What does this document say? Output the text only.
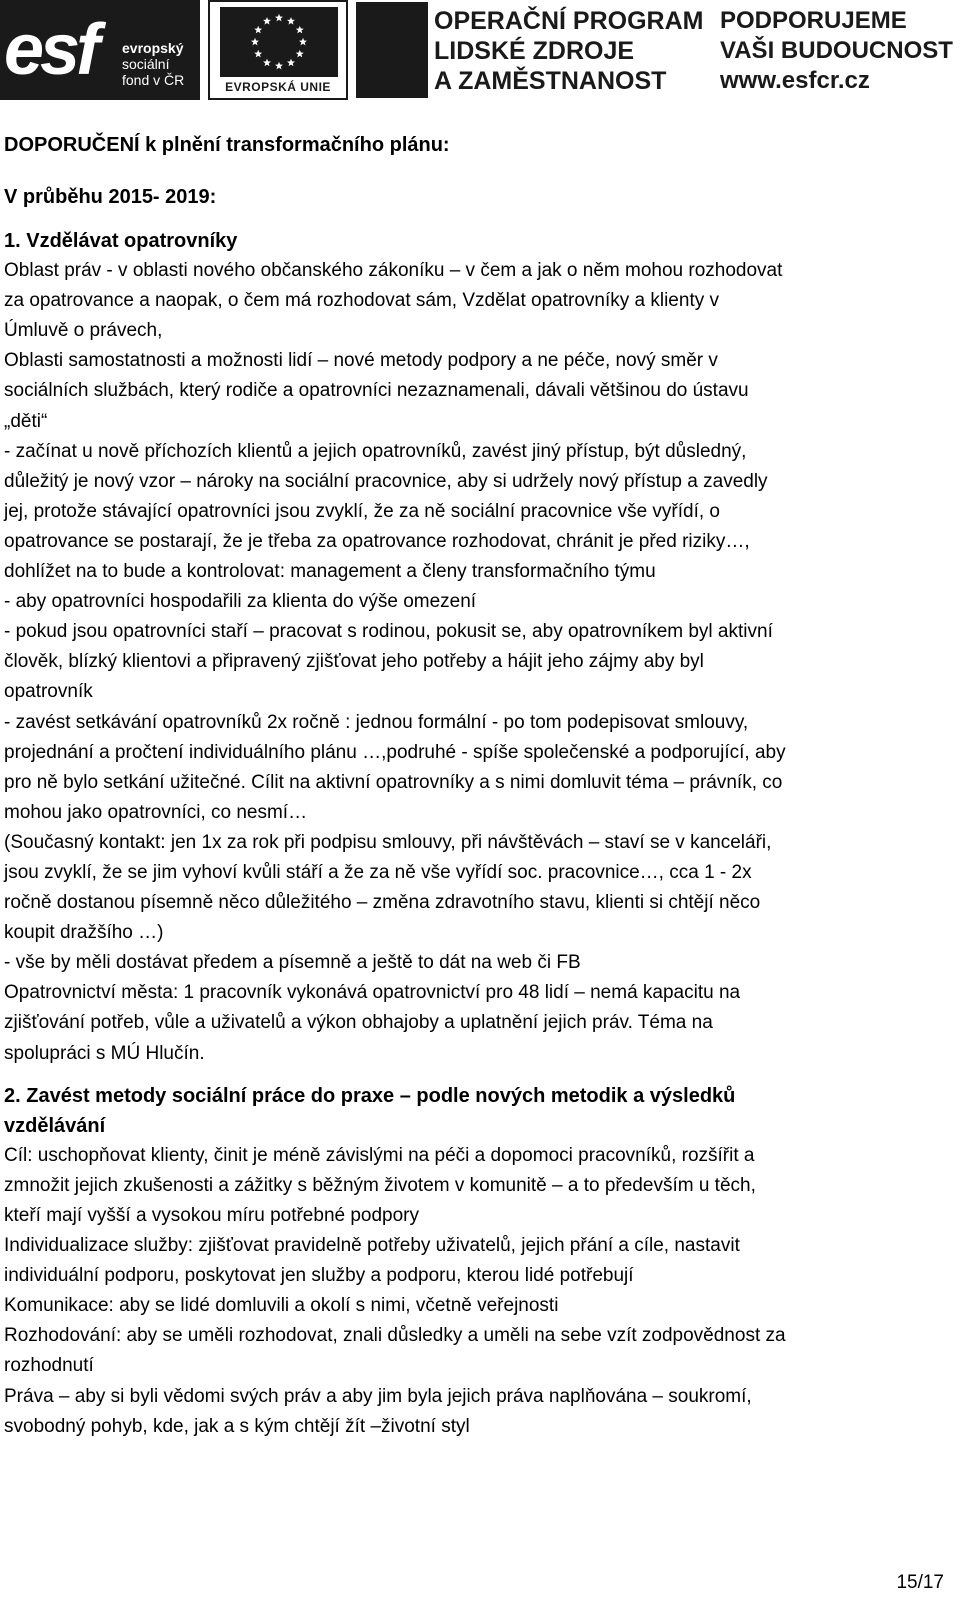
esf evropský
sociální
fond v ČR	EVROPSKÁ UNIE
OPERAČNÍ PROGRAM
LIDSKÉ ZDROJE
A ZAMĚSTNANOST
PODPORUJEME
VAŠI BUDOUCNOST
www.esfcr.cz

DOPORUČENÍ k plnění transformačního plánu:

V průběhu 2015- 2019:

1. Vzdělávat opatrovníky

Oblast práv - v oblasti nového občanského zákoníku – v čem a jak o něm mohou rozhodovat

za opatrovance a naopak, o čem má rozhodovat sám, Vzdělat opatrovníky a klienty v

Úmluvě o právech,

Oblasti samostatnosti a možnosti lidí – nové metody podpory a ne péče, nový směr v

sociálních službách, který rodiče a opatrovníci nezaznamenali, dávali většinou do ústavu

„děti“

- začínat u nově příchozích klientů a jejich opatrovníků, zavést jiný přístup, být důsledný,

důležitý je nový vzor – nároky na sociální pracovnice, aby si udržely nový přístup a zavedly

jej, protože stávající opatrovníci jsou zvyklí, že za ně sociální pracovnice vše vyřídí, o

opatrovance se postarají, že je třeba za opatrovance rozhodovat, chránit je před riziky…,

dohlížet na to bude a kontrolovat: management a členy transformačního týmu

- aby opatrovníci hospodařili za klienta do výše omezení

- pokud jsou opatrovníci staří – pracovat s rodinou, pokusit se, aby opatrovníkem byl aktivní

člověk, blízký klientovi a připravený zjišťovat jeho potřeby a hájit jeho zájmy aby byl

opatrovník

- zavést setkávání opatrovníků 2x ročně : jednou formální - po tom podepisovat smlouvy,

projednání a pročtení individuálního plánu …,podruhé - spíše společenské a podporující, aby

pro ně bylo setkání užitečné. Cílit na aktivní opatrovníky a s nimi domluvit téma – právník, co

mohou jako opatrovníci, co nesmí…

(Současný kontakt: jen 1x za rok při podpisu smlouvy, při návštěvách – staví se v kanceláři,

jsou zvyklí, že se jim vyhoví kvůli stáří a že za ně vše vyřídí soc. pracovnice…, cca 1 - 2x

ročně dostanou písemně něco důležitého – změna zdravotního stavu, klienti si chtějí něco

koupit dražšího …)

- vše by měli dostávat předem a písemně a ještě to dát na web či FB

Opatrovnictví města: 1 pracovník vykonává opatrovnictví pro 48 lidí – nemá kapacitu na

zjišťování potřeb, vůle a uživatelů a výkon obhajoby a uplatnění jejich práv. Téma na

spolupráci s MÚ Hlučín.

2. Zavést metody sociální práce do praxe – podle nových metodik a výsledků

vzdělávání

Cíl: uschopňovat klienty, činit je méně závislými na péči a dopomoci pracovníků, rozšířit a

zmnožit jejich zkušenosti a zážitky s běžným životem v komunitě – a to především u těch,

kteří mají vyšší a vysokou míru potřebné podpory

Individualizace služby: zjišťovat pravidelně potřeby uživatelů, jejich přání a cíle, nastavit

individuální podporu, poskytovat jen služby a podporu, kterou lidé potřebují

Komunikace: aby se lidé domluvili a okolí s nimi, včetně veřejnosti

Rozhodování: aby se uměli rozhodovat, znali důsledky a uměli na sebe vzít zodpovědnost za

rozhodnutí

Práva – aby si byli vědomi svých práv a aby jim byla jejich práva naplňována – soukromí,

svobodný pohyb, kde, jak a s kým chtějí žít –životní styl

15/17
